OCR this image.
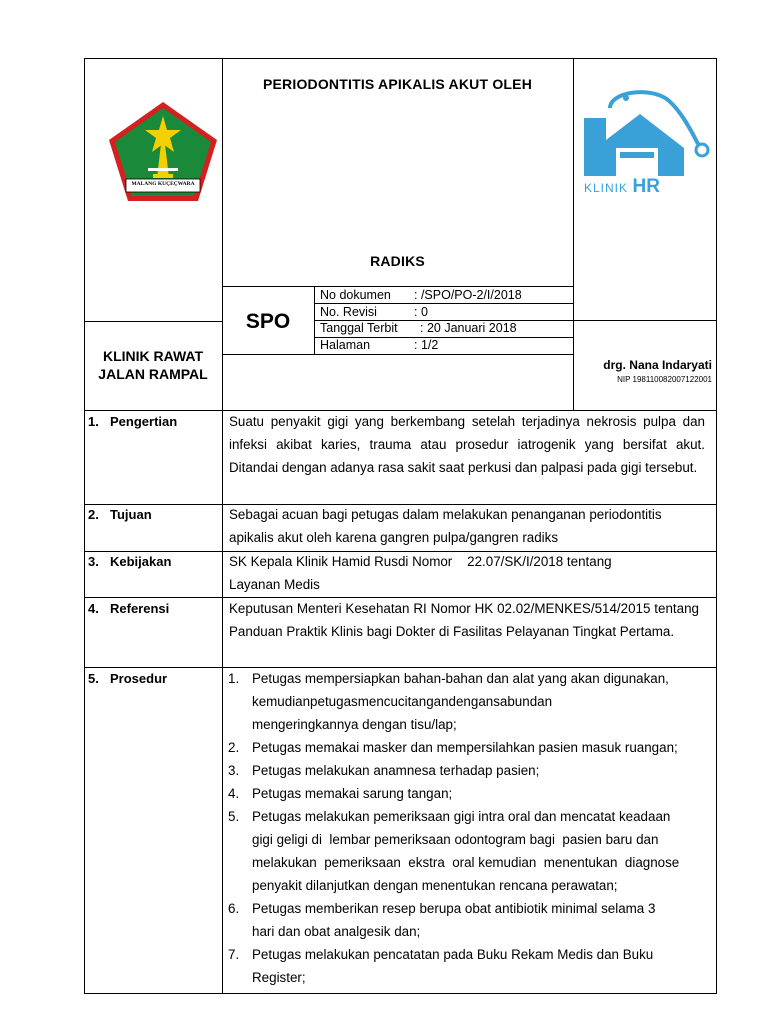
MALANG KUÇEÇWARA
PERIODONTITIS APIKALIS AKUT OLEH
RADIKS
KLINIK HR
SPO
No dokumen : /SPO/PO-2/I/2018
No. Revisi	: 0
Tanggal Terbit : 20 Januari 2018
Halaman	: 1/2
KLINIK RAWAT
JALAN RAMPAL
drg. Nana Indaryati
NIP 198110082007122001
1. Pengertian	Suatu penyakit gigi yang berkembang setelah terjadinya nekrosis pulpa dan infeksi akibat karies, trauma atau prosedur iatrogenik yang bersifat akut. Ditandai dengan adanya rasa sakit saat perkusi dan palpasi pada gigi tersebut.
2. Tujuan	Sebagai acuan bagi petugas dalam melakukan penanganan periodontitis apikalis akut oleh karena gangren pulpa/gangren radiks
3. Kebijakan	SK Kepala Klinik Hamid Rusdi Nomor    22.07/SK/I/2018 tentang
Layanan Medis
4. Referensi	Keputusan Menteri Kesehatan RI Nomor HK 02.02/MENKES/514/2015 tentang Panduan Praktik Klinis bagi Dokter di Fasilitas Pelayanan Tingkat Pertama.
5. Prosedur	1. Petugas mempersiapkan bahan-bahan dan alat yang akan digunakan,
kemudianpetugasmencucitangandengansabundan
mengeringkannya dengan tisu/lap;
2. Petugas memakai masker dan mempersilahkan pasien masuk ruangan;
3. Petugas melakukan anamnesa terhadap pasien;
4. Petugas memakai sarung tangan;
5. Petugas melakukan pemeriksaan gigi intra oral dan mencatat keadaan
gigi geligi di  lembar pemeriksaan odontogram bagi  pasien baru dan
melakukan  pemeriksaan  ekstra  oral kemudian  menentukan  diagnose
penyakit dilanjutkan dengan menentukan rencana perawatan;
6. Petugas memberikan resep berupa obat antibiotik minimal selama 3
hari dan obat analgesik dan;
7. Petugas melakukan pencatatan pada Buku Rekam Medis dan Buku
Register;
